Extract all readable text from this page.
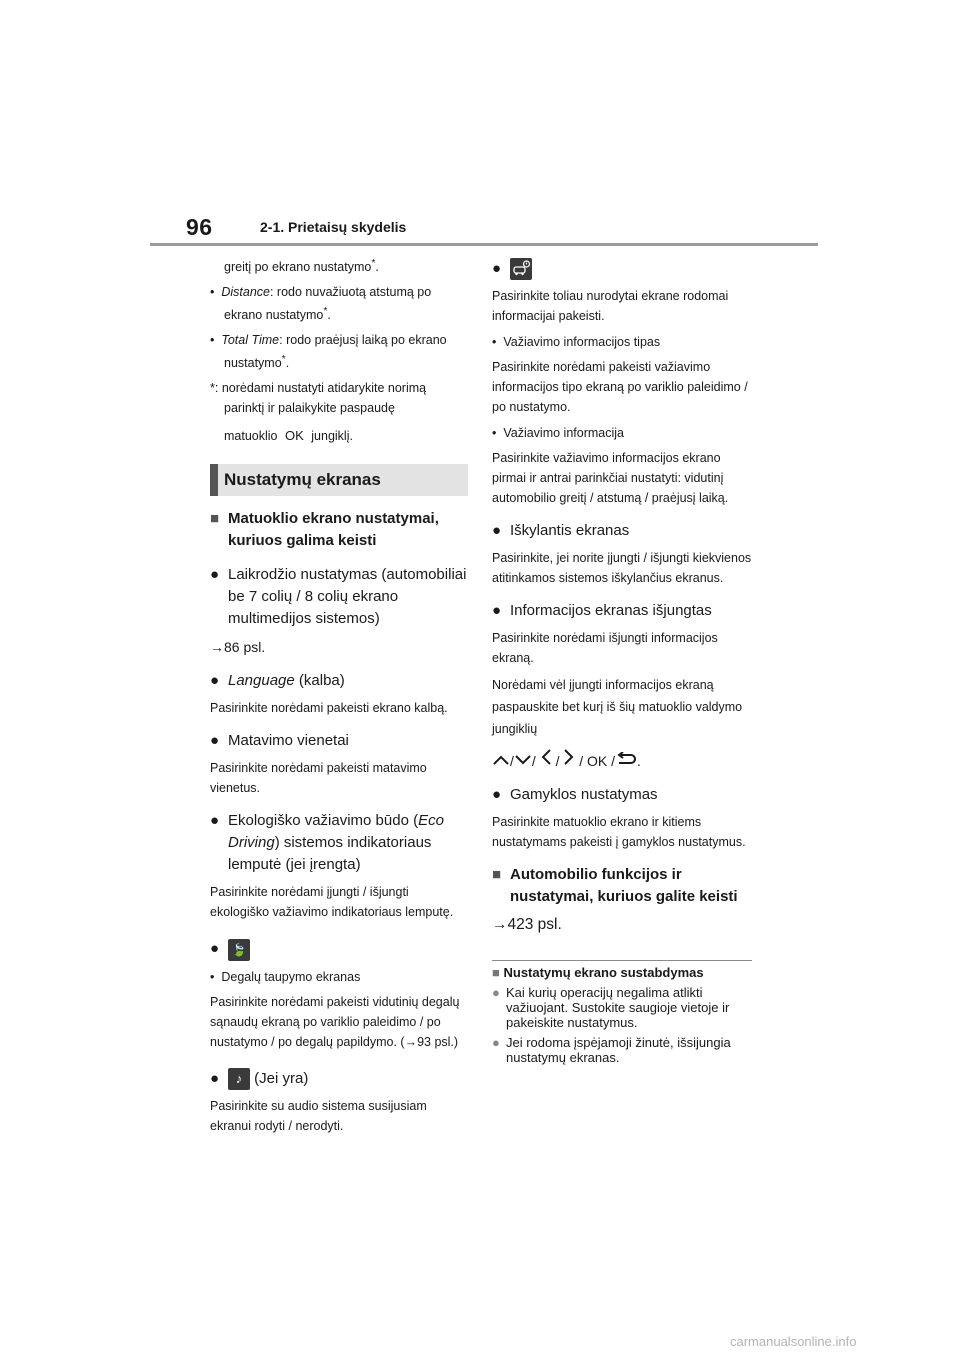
96	2-1. Prietaisų skydelis

greitį po ekrano nustatymo*.

• Distance: rodo nuvažiuotą atstumą po ekrano nustatymo*.

• Total Time: rodo praėjusį laiką po ekrano nustatymo*.

*: norėdami nustatyti atidarykite norimą parinktį ir palaikykite paspaudę

matuoklio OK jungiklį.

Nustatymų ekranas

■ Matuoklio ekrano nustatymai, kuriuos galima keisti

● Laikrodžio nustatymas (automobiliai be 7 colių / 8 colių ekrano multimedijos sistemos)

→86 psl.

● Language (kalba)

Pasirinkite norėdami pakeisti ekrano kalbą.

● Matavimo vienetai

Pasirinkite norėdami pakeisti matavimo vienetus.

● Ekologiško važiavimo būdo (Eco Driving) sistemos indikatoriaus lemputė (jei įrengta)

Pasirinkite norėdami įjungti / išjungti ekologiško važiavimo indikatoriaus lemputę.

● 🍃

• Degalų taupymo ekranas

Pasirinkite norėdami pakeisti vidutinių degalų sąnaudų ekraną po variklio paleidimo / po nustatymo / po degalų papildymo. (→93 psl.)

● ♪ (Jei yra)

Pasirinkite su audio sistema susijusiam ekranui rodyti / nerodyti.

●

Pasirinkite toliau nurodytai ekrane rodomai informacijai pakeisti.

• Važiavimo informacijos tipas

Pasirinkite norėdami pakeisti važiavimo informacijos tipo ekraną po variklio paleidimo / po nustatymo.

• Važiavimo informacija

Pasirinkite važiavimo informacijos ekrano pirmai ir antrai parinkčiai nustatyti: vidutinį automobilio greitį / atstumą / praėjusį laiką.

● Iškylantis ekranas

Pasirinkite, jei norite įjungti / išjungti kiekvienos atitinkamos sistemos iškylančius ekranus.

● Informacijos ekranas išjungtas

Pasirinkite norėdami išjungti informacijos ekraną.

Norėdami vėl įjungti informacijos ekraną paspauskite bet kurį iš šių matuoklio valdymo jungiklių

/ / / / OK / .

● Gamyklos nustatymas

Pasirinkite matuoklio ekrano ir kitiems nustatymams pakeisti į gamyklos nustatymus.

■ Automobilio funkcijos ir nustatymai, kuriuos galite keisti

→423 psl.

■ Nustatymų ekrano sustabdymas

● Kai kurių operacijų negalima atlikti važiuojant. Sustokite saugioje vietoje ir pakeiskite nustatymus.

● Jei rodoma įspėjamoji žinutė, išsijungia nustatymų ekranas.

carmanualsonline.info
